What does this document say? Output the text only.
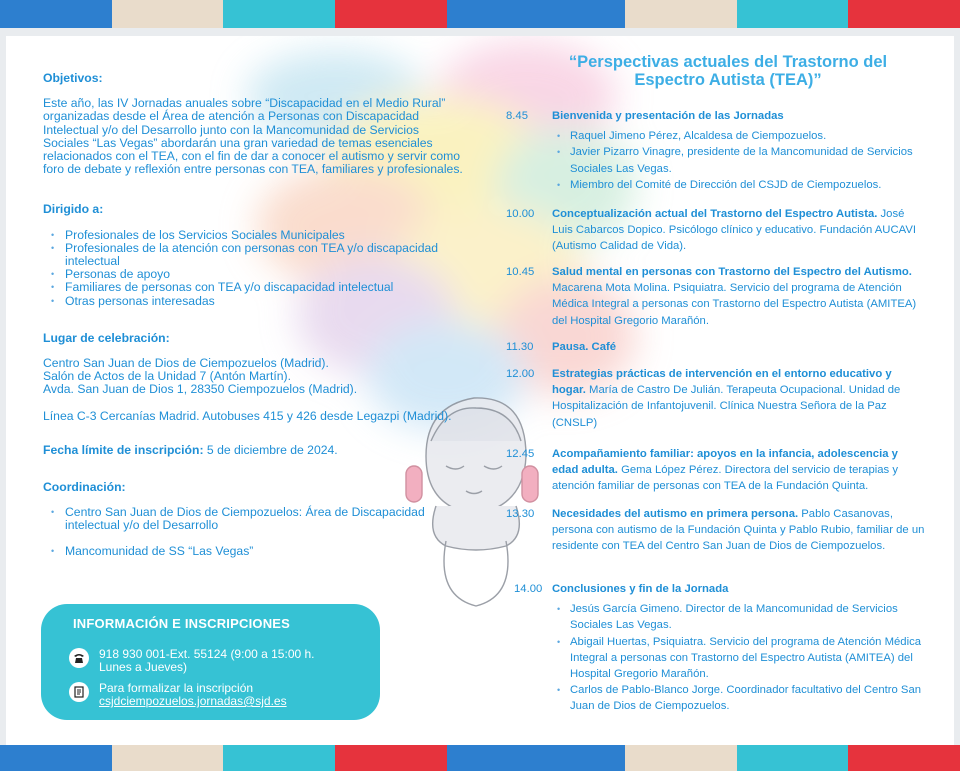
Objetivos:

Este año, las IV Jornadas anuales sobre “Discapacidad en el Medio Rural” organizadas desde el Área de atención a Personas con Discapacidad Intelectual y/o del Desarrollo junto con la Mancomunidad de Servicios Sociales “Las Vegas” abordarán una gran variedad de temas esenciales relacionados con el TEA, con el fin de dar a conocer el autismo y servir como foro de debate y reflexión entre personas con TEA, familiares y profesionales.

Dirigido a:

• Profesionales de los Servicios Sociales Municipales
• Profesionales de la atención con personas con TEA y/o discapacidad intelectual
• Personas de apoyo
• Familiares de personas con TEA y/o discapacidad intelectual
• Otras personas interesadas

Lugar de celebración:

Centro San Juan de Dios de Ciempozuelos (Madrid).

Salón de Actos de la Unidad 7 (Antón Martín).

Avda. San Juan de Dios 1, 28350 Ciempozuelos (Madrid).

Línea C-3 Cercanías Madrid. Autobuses 415 y 426 desde Legazpi (Madrid).

Fecha límite de inscripción: 5 de diciembre de 2024.

Coordinación:

• Centro San Juan de Dios de Ciempozuelos: Área de Discapacidad intelectual y/o del Desarrollo
• Mancomunidad de SS “Las Vegas”
INFORMACIÓN E INSCRIPCIONES
918 930 001-Ext. 55124 (9:00 a 15:00 h.
Lunes a Jueves)
Para formalizar la inscripción
csjdciempozuelos.jornadas@sjd.es
“Perspectivas actuales del Trastorno del Espectro Autista (TEA)”
8.45	Bienvenida y presentación de las Jornadas
• Raquel Jimeno Pérez, Alcaldesa de Ciempozuelos.
• Javier Pizarro Vinagre, presidente de la Mancomunidad de Servicios Sociales Las Vegas.
• Miembro del Comité de Dirección del CSJD de Ciempozuelos.
10.00	Conceptualización actual del Trastorno del Espectro Autista. José Luis Cabarcos Dopico. Psicólogo clínico y educativo. Fundación AUCAVI (Autismo Calidad de Vida).
10.45	Salud mental en personas con Trastorno del Espectro del Autismo. Macarena Mota Molina. Psiquiatra. Servicio del programa de Atención Médica Integral a personas con Trastorno del Espectro Autista (AMITEA) del Hospital Gregorio Marañón.
11.30	Pausa. Café
12.00	Estrategias prácticas de intervención en el entorno educativo y hogar. María de Castro De Julián. Terapeuta Ocupacional. Unidad de Hospitalización de Infantojuvenil. Clínica Nuestra Señora de la Paz (CNSLP)
12.45	Acompañamiento familiar: apoyos en la infancia, adolescencia y edad adulta. Gema López Pérez. Directora del servicio de terapias y atención familiar de personas con TEA de la Fundación Quinta.
13.30	Necesidades del autismo en primera persona. Pablo Casanovas, persona con autismo de la Fundación Quinta y Pablo Rubio, familiar de un residente con TEA del Centro San Juan de Dios de Ciempozuelos.
14.00 Conclusiones y fin de la Jornada
• Jesús García Gimeno. Director de la Mancomunidad de Servicios Sociales Las Vegas.
• Abigail Huertas, Psiquiatra. Servicio del programa de Atención Médica Integral a personas con Trastorno del Espectro Autista (AMITEA) del Hospital Gregorio Marañón.
• Carlos de Pablo-Blanco Jorge. Coordinador facultativo del Centro San Juan de Dios de Ciempozuelos.
